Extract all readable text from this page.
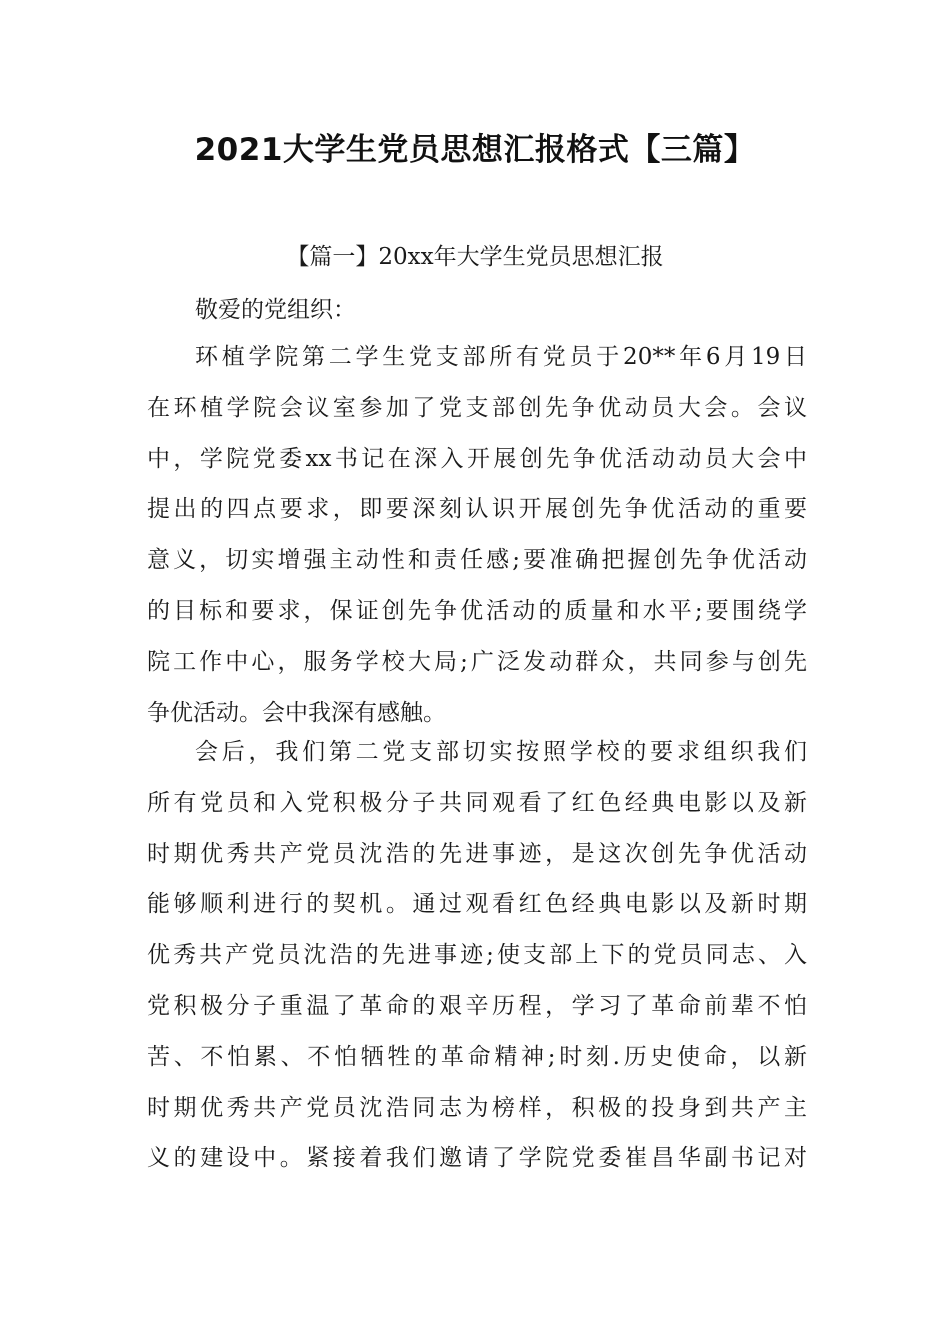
2021大学生党员思想汇报格式【三篇】
【篇一】20xx年大学生党员思想汇报
敬爱的党组织：
环植学院第二学生党支部所有党员于20**年6月19日
在环植学院会议室参加了党支部创先争优动员大会。会议
中，学院党委xx书记在深入开展创先争优活动动员大会中
提出的四点要求，即要深刻认识开展创先争优活动的重要
意义，切实增强主动性和责任感;要准确把握创先争优活动
的目标和要求，保证创先争优活动的质量和水平;要围绕学
院工作中心，服务学校大局;广泛发动群众，共同参与创先
争优活动。会中我深有感触。
会后，我们第二党支部切实按照学校的要求组织我们
所有党员和入党积极分子共同观看了红色经典电影以及新
时期优秀共产党员沈浩的先进事迹，是这次创先争优活动
能够顺利进行的契机。通过观看红色经典电影以及新时期
优秀共产党员沈浩的先进事迹;使支部上下的党员同志、入
党积极分子重温了革命的艰辛历程，学习了革命前辈不怕
苦、不怕累、不怕牺牲的革命精神;时刻.历史使命，以新
时期优秀共产党员沈浩同志为榜样，积极的投身到共产主
义的建设中。紧接着我们邀请了学院党委崔昌华副书记对
